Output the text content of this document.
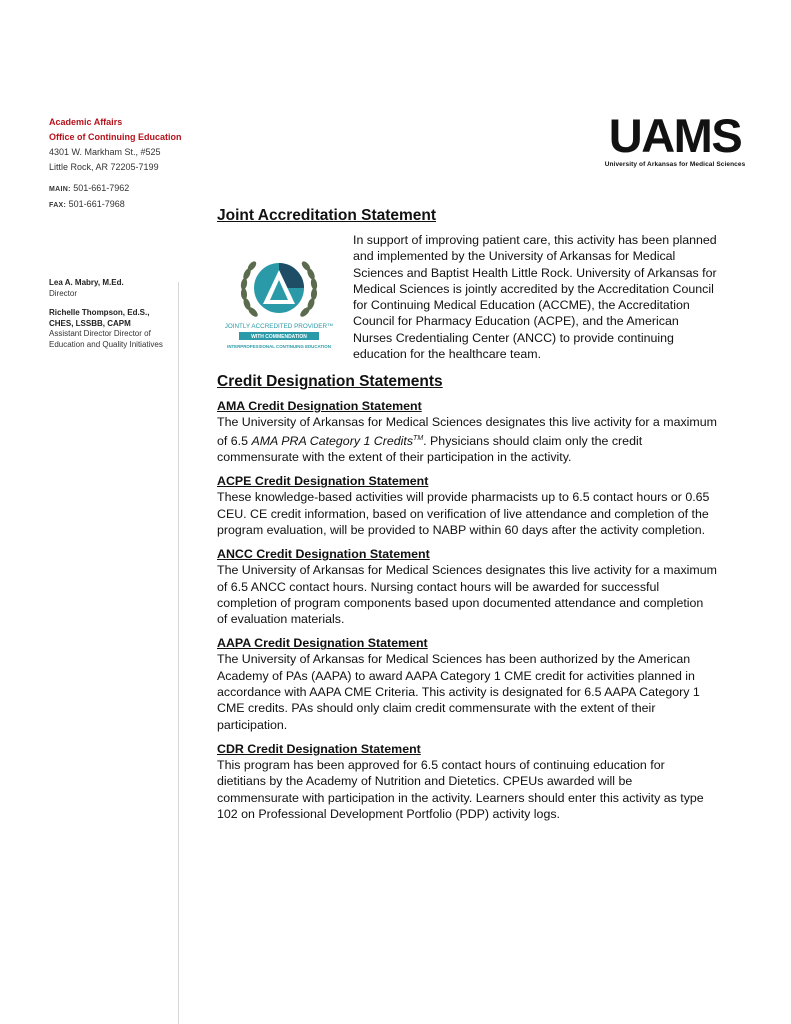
Academic Affairs
Office of Continuing Education
4301 W. Markham St., #525
Little Rock, AR 72205-7199
MAIN: 501-661-7962
FAX: 501-661-7968
Lea A. Mabry, M.Ed.
Director
Richelle Thompson, Ed.S., CHES, LSSBB, CAPM
Assistant Director Director of Education and Quality Initiatives
UAMS
University of Arkansas for Medical Sciences
Joint Accreditation Statement
JOINTLY ACCREDITED PROVIDER™
WITH COMMENDATION
INTERPROFESSIONAL CONTINUING EDUCATION

In support of improving patient care, this activity has been planned and implemented by the University of Arkansas for Medical Sciences and Baptist Health Little Rock. University of Arkansas for Medical Sciences is jointly accredited by the Accreditation Council for Continuing Medical Education (ACCME), the Accreditation Council for Pharmacy Education (ACPE), and the American Nurses Credentialing Center (ANCC) to provide continuing education for the healthcare team.

Credit Designation Statements
AMA Credit Designation Statement

The University of Arkansas for Medical Sciences designates this live activity for a maximum of 6.5 AMA PRA Category 1 Credits™. Physicians should claim only the credit commensurate with the extent of their participation in the activity.

ACPE Credit Designation Statement

These knowledge-based activities will provide pharmacists up to 6.5 contact hours or 0.65 CEU. CE credit information, based on verification of live attendance and completion of the program evaluation, will be provided to NABP within 60 days after the activity completion.

ANCC Credit Designation Statement

The University of Arkansas for Medical Sciences designates this live activity for a maximum of 6.5 ANCC contact hours. Nursing contact hours will be awarded for successful completion of program components based upon documented attendance and completion of evaluation materials.

AAPA Credit Designation Statement

The University of Arkansas for Medical Sciences has been authorized by the American Academy of PAs (AAPA) to award AAPA Category 1 CME credit for activities planned in accordance with AAPA CME Criteria. This activity is designated for 6.5 AAPA Category 1 CME credits. PAs should only claim credit commensurate with the extent of their participation.

CDR Credit Designation Statement

This program has been approved for 6.5 contact hours of continuing education for dietitians by the Academy of Nutrition and Dietetics. CPEUs awarded will be commensurate with participation in the activity. Learners should enter this activity as type 102 on Professional Development Portfolio (PDP) activity logs.
